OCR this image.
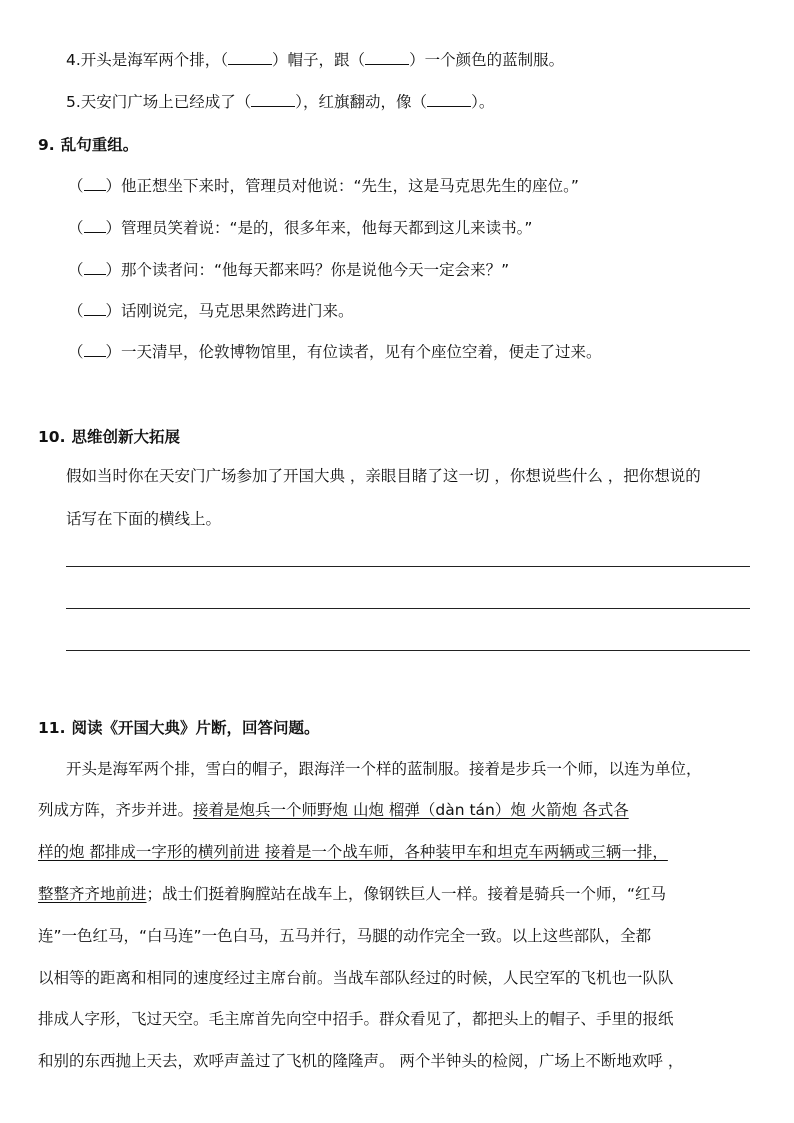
4.开头是海军两个排，（	）帽子，跟（	）一个颜色的蓝制服。
5.天安门广场上已经成了（	），红旗翻动，像（	）。
9. 乱句重组。
（ ）他正想坐下来时，管理员对他说：“先生，这是马克思先生的座位。”
（ ）管理员笑着说：“是的，很多年来，他每天都到这儿来读书。”
（ ）那个读者问：“他每天都来吗？你是说他今天一定会来？”
（ ）话刚说完，马克思果然跨进门来。
（ ）一天清早，伦敦博物馆里，有位读者，见有个座位空着，便走了过来。
10. 思维创新大拓展
假如当时你在天安门广场参加了开国大典 ，亲眼目睹了这一切 ，你想说些什么 ，把你想说的
话写在下面的横线上。
11. 阅读《开国大典》片断，回答问题。
开头是海军两个排，雪白的帽子，跟海洋一个样的蓝制服。接着是步兵一个师，以连为单位，
列成方阵，齐步并进。接着是炮兵一个师野炮 山炮 榴弹（dàn tán）炮 火箭炮 各式各
样的炮 都排成一字形的横列前进 接着是一个战车师，各种装甲车和坦克车两辆或三辆一排，
整整齐齐地前进；战士们挺着胸膛站在战车上，像钢铁巨人一样。接着是骑兵一个师，“红马
连”一色红马，“白马连”一色白马，五马并行，马腿的动作完全一致。以上这些部队，全都
以相等的距离和相同的速度经过主席台前。当战车部队经过的时候，人民空军的飞机也一队队
排成人字形，飞过天空。毛主席首先向空中招手。群众看见了，都把头上的帽子、手里的报纸
和别的东西抛上天去，欢呼声盖过了飞机的隆隆声。 两个半钟头的检阅，广场上不断地欢呼 ，
